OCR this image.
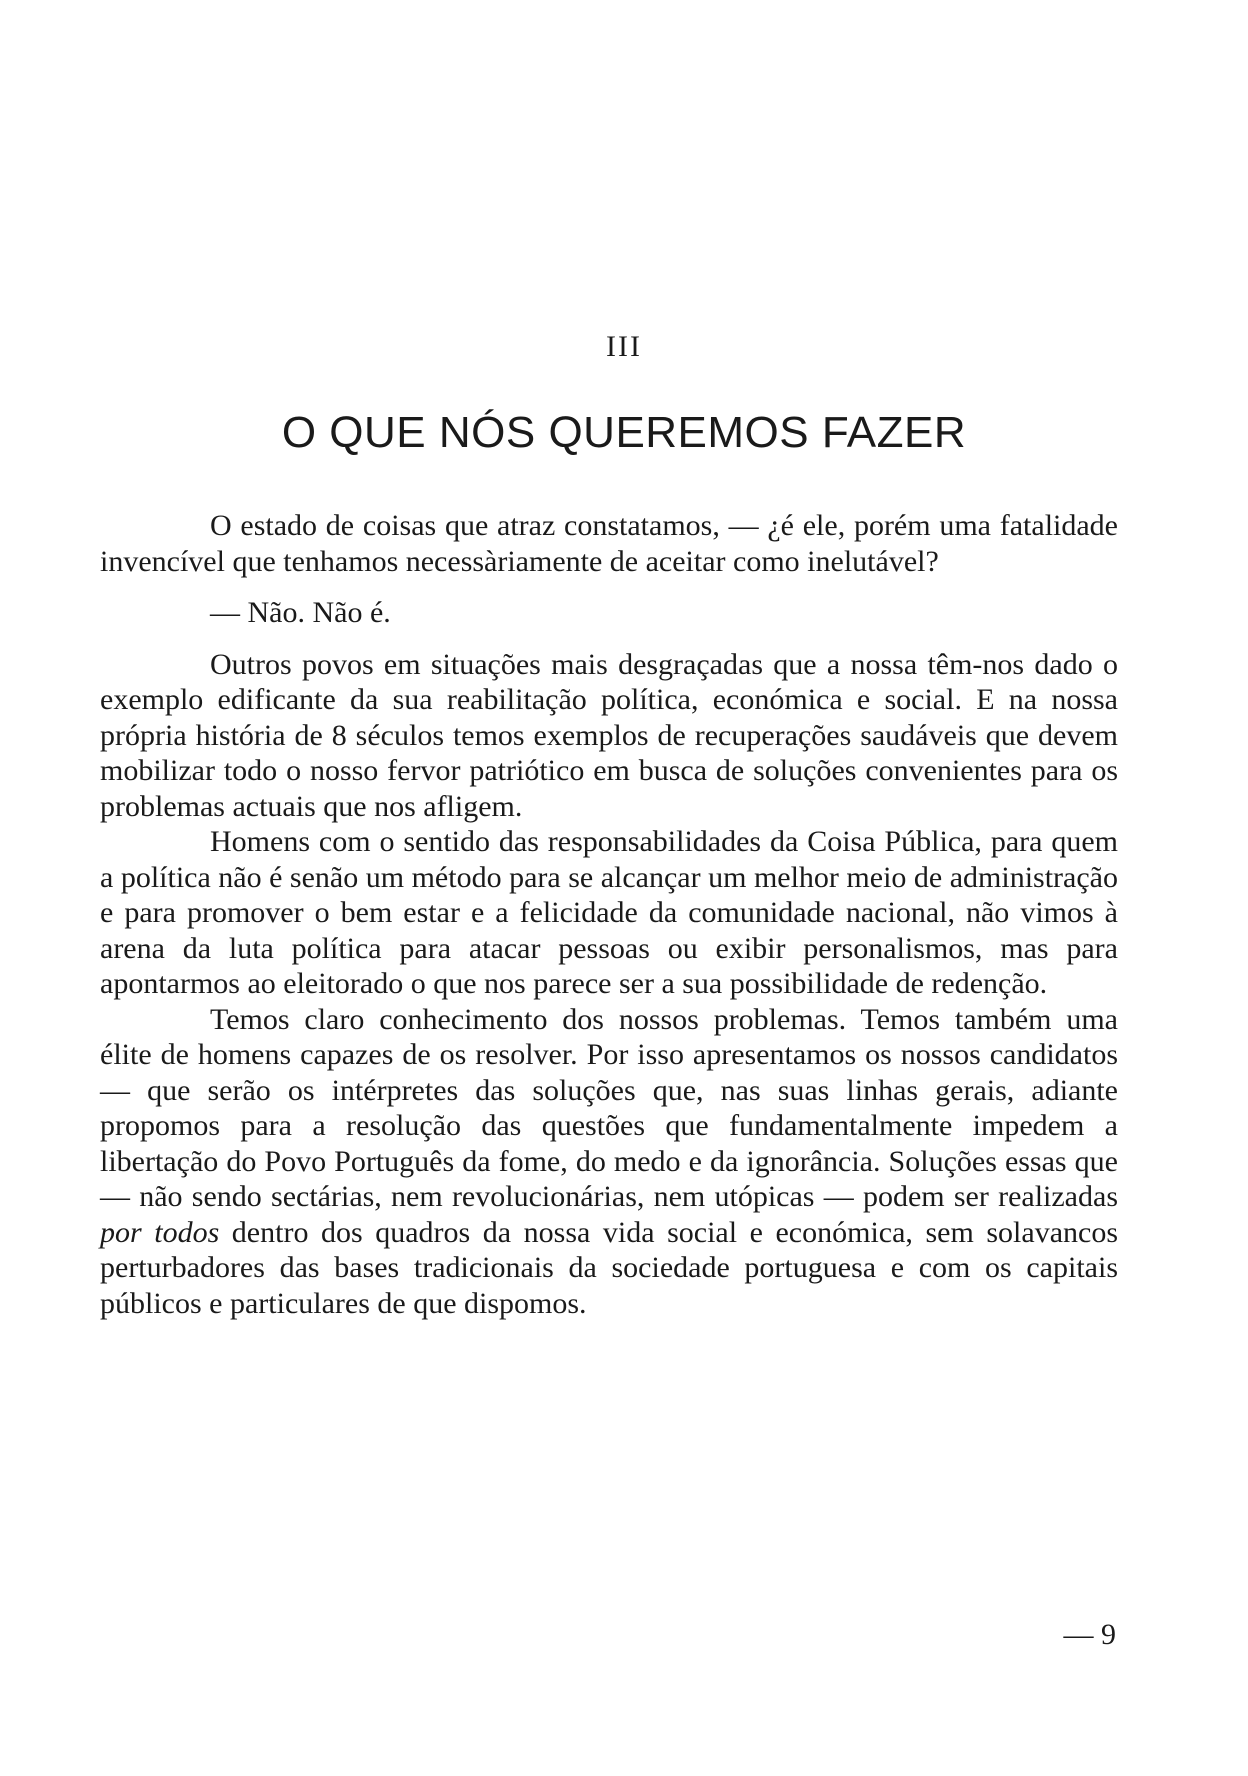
III
O QUE NÓS QUEREMOS FAZER

O estado de coisas que atraz constatamos, — ¿é ele, porém uma fatalidade invencível que tenhamos necessàriamente de aceitar como inelutável?

— Não. Não é.

Outros povos em situações mais desgraçadas que a nossa têm-nos dado o exemplo edificante da sua reabilitação política, económica e social. E na nossa própria história de 8 séculos temos exemplos de recuperações saudáveis que devem mobilizar todo o nosso fervor patriótico em busca de soluções convenientes para os problemas actuais que nos afligem.

Homens com o sentido das responsabilidades da Coisa Pública, para quem a política não é senão um método para se alcançar um melhor meio de administração e para promover o bem estar e a felicidade da comunidade nacional, não vimos à arena da luta política para atacar pessoas ou exibir personalismos, mas para apontarmos ao eleitorado o que nos parece ser a sua possibilidade de redenção.

Temos claro conhecimento dos nossos problemas. Temos também uma élite de homens capazes de os resolver. Por isso apresentamos os nossos candidatos — que serão os intérpretes das soluções que, nas suas linhas gerais, adiante propomos para a resolução das questões que fundamentalmente impedem a libertação do Povo Português da fome, do medo e da ignorância. Soluções essas que — não sendo sectárias, nem revolucionárias, nem utópicas — podem ser realizadas por todos dentro dos quadros da nossa vida social e económica, sem solavancos perturbadores das bases tradicionais da sociedade portuguesa e com os capitais públicos e particulares de que dispomos.

— 9
